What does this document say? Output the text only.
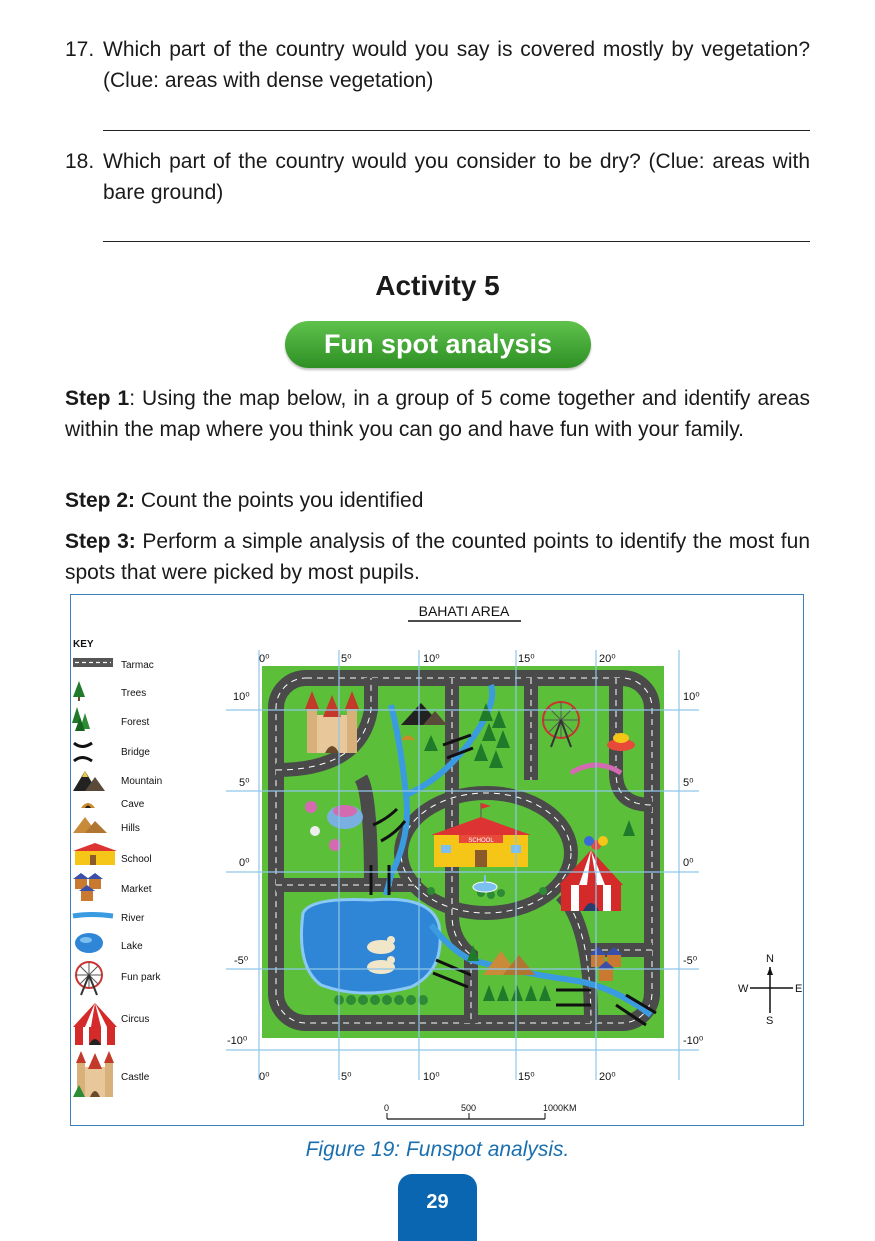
17. Which part of the country would you say is covered mostly by vegetation? (Clue: areas with dense vegetation)
18. Which part of the country would you consider to be dry? (Clue: areas with bare ground)
Activity 5
Fun spot analysis
Step 1: Using the map below, in a group of 5 come together and identify areas within the map where you think you can go and have fun with your family.
Step 2: Count the points you identified
Step 3: Perform a simple analysis of the counted points to identify the most fun spots that were picked by most pupils.
BAHATI AREA
KEY
Tarmac
Trees
Forest
Bridge
Mountain
Cave
Hills
School
Market
River
Lake
Fun park
Circus
Castle
SCHOOL
0⁰	5⁰	10⁰	15⁰	20⁰
0⁰	5⁰	10⁰	15⁰	20⁰
10⁰
5⁰
0⁰
-5⁰
-10⁰
10⁰
5⁰
0⁰
-5⁰
-10⁰
N
S
E
W
0	500	1000KM
Figure 19: Funspot analysis.
29
